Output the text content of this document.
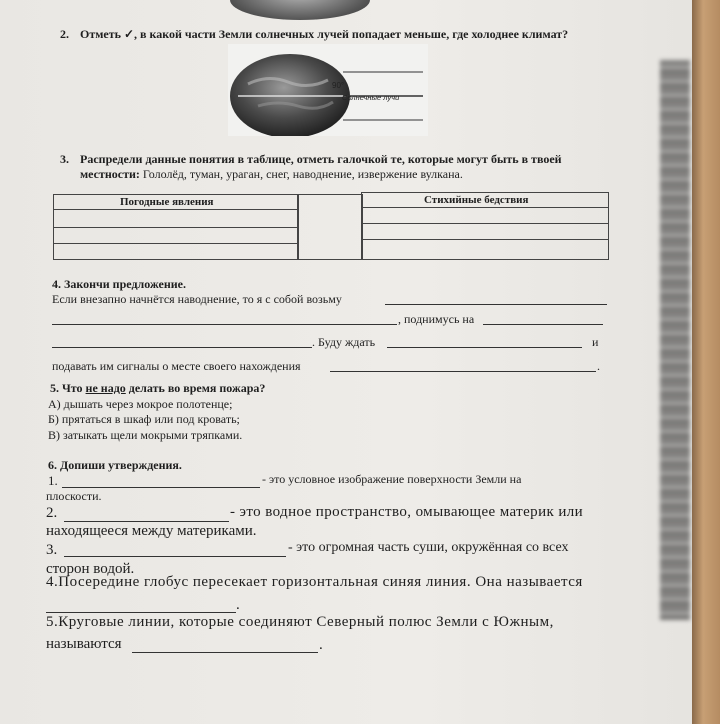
2. Отметь ✓, в какой части Земли солнечных лучей попадает меньше, где холоднее климат?
90°
Солнечные лучи
3. Распредели данные понятия в таблице, отметь галочкой те, которые могут быть в твоей
местности: Гололёд, туман, ураган, снег, наводнение, извержение вулкана.
Погодные явления	Стихийные бедствия
4. Закончи предложение.
Если внезапно начнётся наводнение, то я с собой возьму
, поднимусь на
. Буду ждать	и
подавать им сигналы о месте своего нахождения	.
5. Что не надо делать во время пожара?
А) дышать через мокрое полотенце;
Б) прятаться в шкаф или под кровать;
В) затыкать щели мокрыми тряпками.
6. Допиши утверждения.
1.	- это условное изображение поверхности Земли на
плоскости.
2.	- это водное пространство, омывающее материк или
находящееся между материками.
3.	- это огромная часть суши, окружённая со всех
сторон водой.
4.Посередине глобус пересекает горизонтальная синяя линия. Она называется
.
5.Круговые линии, которые соединяют Северный полюс Земли с Южным,
называются	.
